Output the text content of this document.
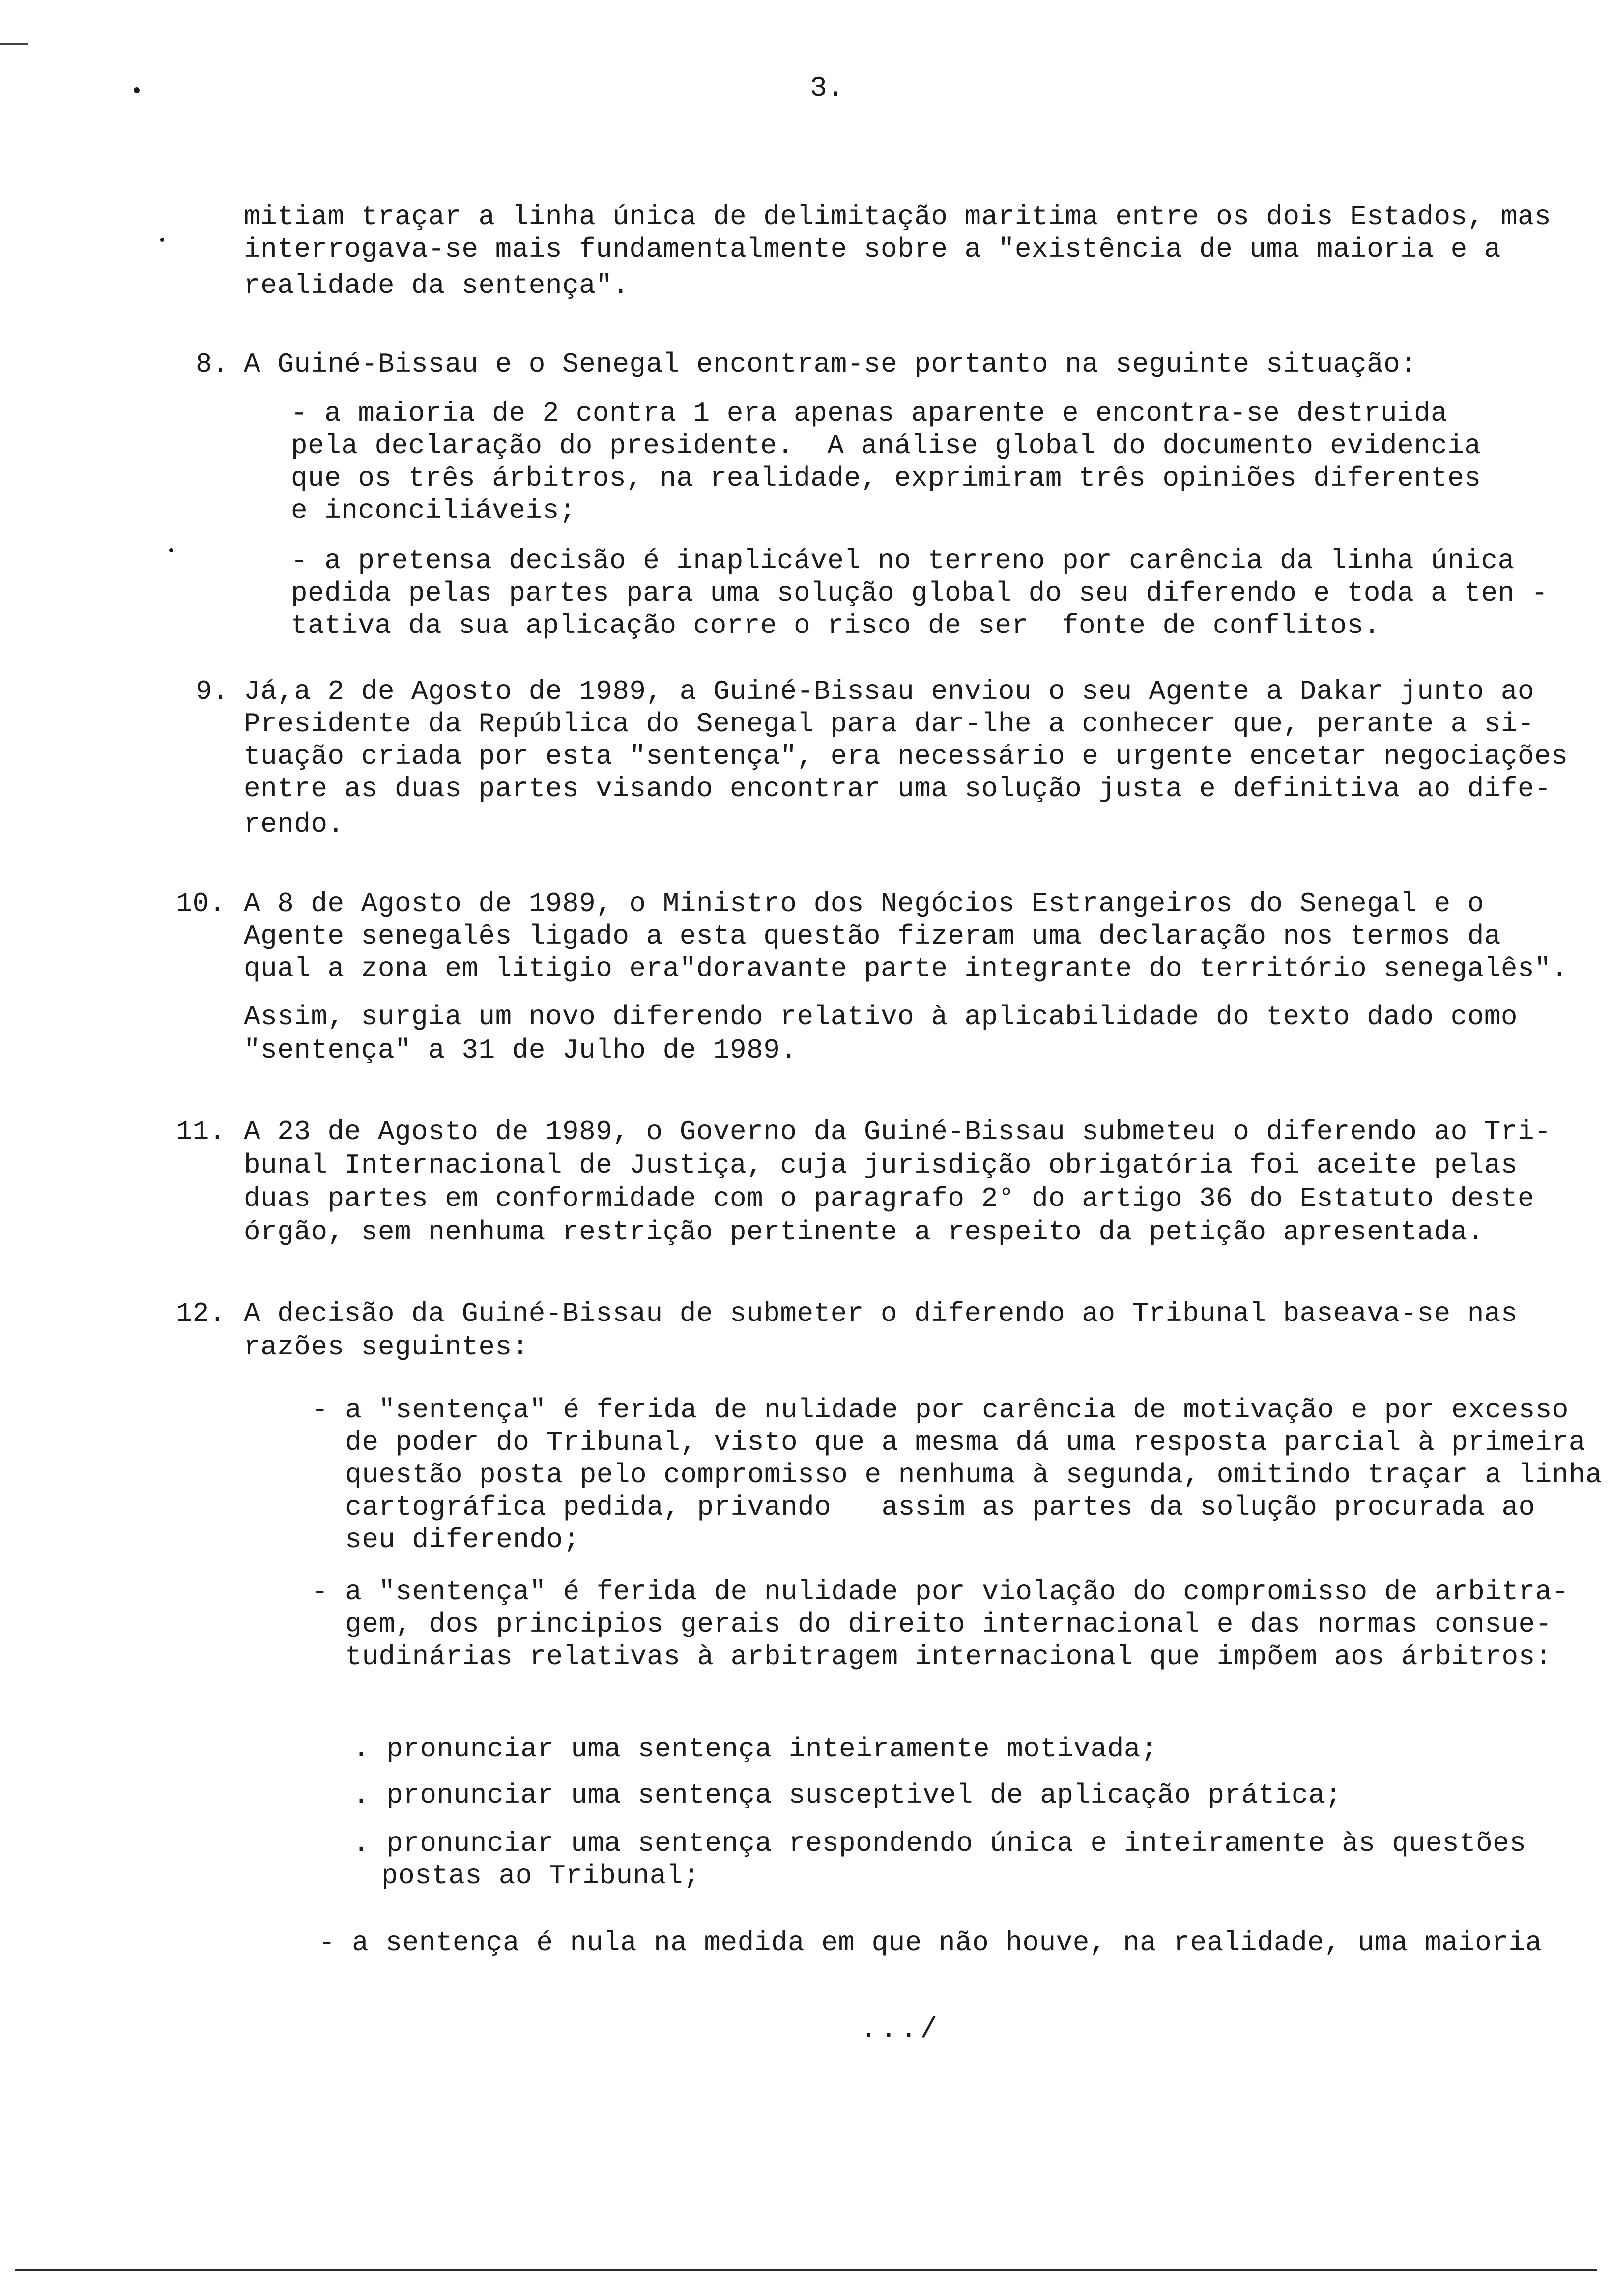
3.
mitiam traçar a linha única de delimitação maritima entre os dois Estados, mas
interrogava-se mais fundamentalmente sobre a "existência de uma maioria e a
realidade da sentença".
8. A Guiné-Bissau e o Senegal encontram-se portanto na seguinte situação:
- a maioria de 2 contra 1 era apenas aparente e encontra-se destruida
pela declaração do presidente.  A análise global do documento evidencia
que os três árbitros, na realidade, exprimiram três opiniões diferentes
e inconciliáveis;
- a pretensa decisão é inaplicável no terreno por carência da linha única
pedida pelas partes para uma solução global do seu diferendo e toda a ten -
tativa da sua aplicação corre o risco de ser  fonte de conflitos.
9. Já,a 2 de Agosto de 1989, a Guiné-Bissau enviou o seu Agente a Dakar junto ao
Presidente da República do Senegal para dar-lhe a conhecer que, perante a si-
tuação criada por esta "sentença", era necessário e urgente encetar negociações
entre as duas partes visando encontrar uma solução justa e definitiva ao dife-
rendo.
10. A 8 de Agosto de 1989, o Ministro dos Negócios Estrangeiros do Senegal e o
Agente senegalês ligado a esta questão fizeram uma declaração nos termos da
qual a zona em litigio era"doravante parte integrante do território senegalês".
Assim, surgia um novo diferendo relativo à aplicabilidade do texto dado como
"sentença" a 31 de Julho de 1989.
11. A 23 de Agosto de 1989, o Governo da Guiné-Bissau submeteu o diferendo ao Tri-
bunal Internacional de Justiça, cuja jurisdição obrigatória foi aceite pelas
duas partes em conformidade com o paragrafo 2° do artigo 36 do Estatuto deste
órgão, sem nenhuma restrição pertinente a respeito da petição apresentada.
12. A decisão da Guiné-Bissau de submeter o diferendo ao Tribunal baseava-se nas
razões seguintes:
- a "sentença" é ferida de nulidade por carência de motivação e por excesso
de poder do Tribunal, visto que a mesma dá uma resposta parcial à primeira
questão posta pelo compromisso e nenhuma à segunda, omitindo traçar a linha
cartográfica pedida, privando   assim as partes da solução procurada ao
seu diferendo;
- a "sentença" é ferida de nulidade por violação do compromisso de arbitra-
gem, dos principios gerais do direito internacional e das normas consue-
tudinárias relativas à arbitragem internacional que impõem aos árbitros:
. pronunciar uma sentença inteiramente motivada;
. pronunciar uma sentença susceptivel de aplicação prática;
. pronunciar uma sentença respondendo única e inteiramente às questões
postas ao Tribunal;
- a sentença é nula na medida em que não houve, na realidade, uma maioria
.../
